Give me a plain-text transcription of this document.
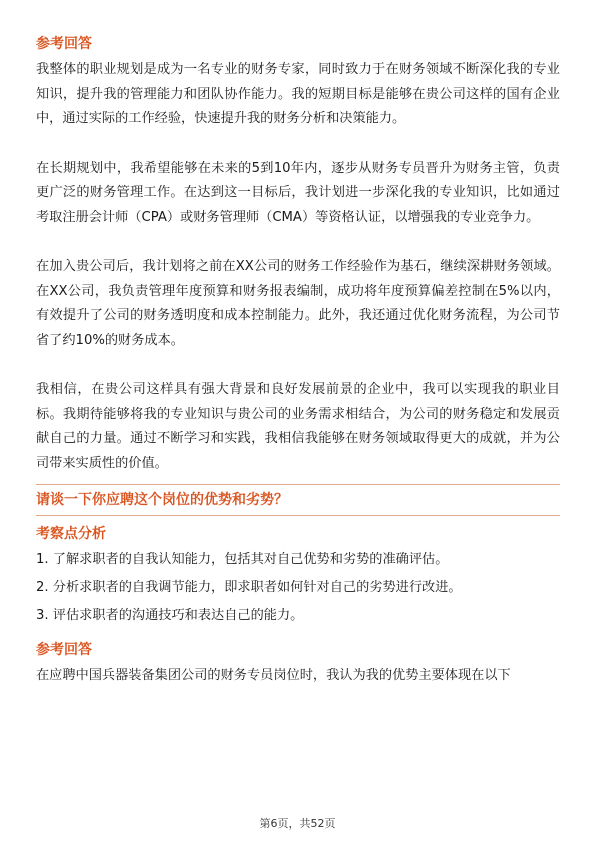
参考回答

我整体的职业规划是成为一名专业的财务专家，同时致力于在财务领域不断深化我的专业知识，提升我的管理能力和团队协作能力。我的短期目标是能够在贵公司这样的国有企业中，通过实际的工作经验，快速提升我的财务分析和决策能力。

在长期规划中，我希望能够在未来的5到10年内，逐步从财务专员晋升为财务主管，负责更广泛的财务管理工作。在达到这一目标后，我计划进一步深化我的专业知识，比如通过考取注册会计师（CPA）或财务管理师（CMA）等资格认证，以增强我的专业竞争力。

在加入贵公司后，我计划将之前在XX公司的财务工作经验作为基石，继续深耕财务领域。在XX公司，我负责管理年度预算和财务报表编制，成功将年度预算偏差控制在5%以内，有效提升了公司的财务透明度和成本控制能力。此外，我还通过优化财务流程，为公司节省了约10%的财务成本。

我相信，在贵公司这样具有强大背景和良好发展前景的企业中，我可以实现我的职业目标。我期待能够将我的专业知识与贵公司的业务需求相结合，为公司的财务稳定和发展贡献自己的力量。通过不断学习和实践，我相信我能够在财务领域取得更大的成就，并为公司带来实质性的价值。

请谈一下你应聘这个岗位的优势和劣势？

考察点分析

1. 了解求职者的自我认知能力，包括其对自己优势和劣势的准确评估。

2. 分析求职者的自我调节能力，即求职者如何针对自己的劣势进行改进。

3. 评估求职者的沟通技巧和表达自己的能力。

参考回答

在应聘中国兵器装备集团公司的财务专员岗位时，我认为我的优势主要体现在以下

第6页，共52页
